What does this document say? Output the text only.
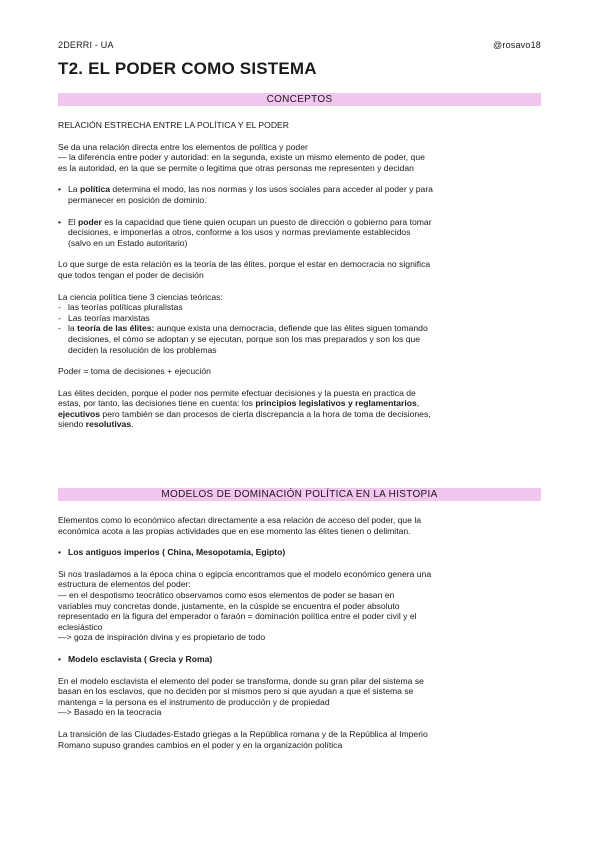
2DERRI - UA	@rosavo18
T2. EL PODER COMO SISTEMA
CONCEPTOS

RELACIÓN ESTRECHA ENTRE LA POLÍTICA Y EL PODER

Se da una relación directa entre los elementos de política y poder

— la diferencia entre poder y autoridad: en la segunda, existe un mismo elemento de poder, que

es la autoridad, en la que se permite o legitima que otras personas me representen y decidan

• La política determina el modo, las nos normas y los usos sociales para acceder al poder y para
permanecer en posición de dominio.
• El poder es la capacidad que tiene quien ocupan un puesto de dirección o gobierno para tomar
decisiones, e imponerlas a otros, conforme a los usos y normas previamente establecidos
(salvo en un Estado autoritario)

Lo que surge de esta relación es la teoría de las élites, porque el estar en democracia no significa

que todos tengan el poder de decisión

La ciencia política tiene 3 ciencias teóricas:

- las teorías políticas pluralistas
- Las teorías marxistas
- la teoría de las élites: aunque exista una democracia, defiende que las élites siguen tomando
decisiones, el cómo se adoptan y se ejecutan, porque son los mas preparados y son los que
deciden la resolución de los problemas

Poder = toma de decisiones + ejecución

Las élites deciden, porque el poder nos permite efectuar decisiones y la puesta en practica de

estas, por tanto, las decisiones tiene en cuenta: los principios legislativos y reglamentarios,

ejecutivos pero también se dan procesos de cierta discrepancia a la hora de toma de decisiones,

siendo resolutivas.

MODELOS DE DOMINACIÓN POLÍTICA EN LA HISTOPIA

Elementos como lo económico afectan directamente a esa relación de acceso del poder, que la

económica acota a las propias actividades que en ese momento las élites tienen o delimitan.

• Los antiguos imperios ( China, Mesopotamia, Egipto)

Si nos trasladamos a la época china o egipcia encontramos que el modelo económico genera una

estructura de elementos del poder:

— en el despotismo teocrático observamos como esos elementos de poder se basan en

variables muy concretas donde, justamente, en la cúspide se encuentra el poder absoluto

representado en la figura del emperador o faraón = dominación política entre el poder civil y el

eclesiástico

—> goza de inspiración divina y es propietario de todo

• Modelo esclavista ( Grecia y Roma)

En el modelo esclavista el elemento del poder se transforma, donde su gran pilar del sistema se

basan en los esclavos, que no deciden por si mismos pero si que ayudan a que el sistema se

mantenga = la persona es el instrumento de producción y de propiedad

—> Basado en la teocracia

La transición de las Ciudades-Estado griegas a la República romana y de la República al Imperio

Romano supuso grandes cambios en el poder y en la organización política
